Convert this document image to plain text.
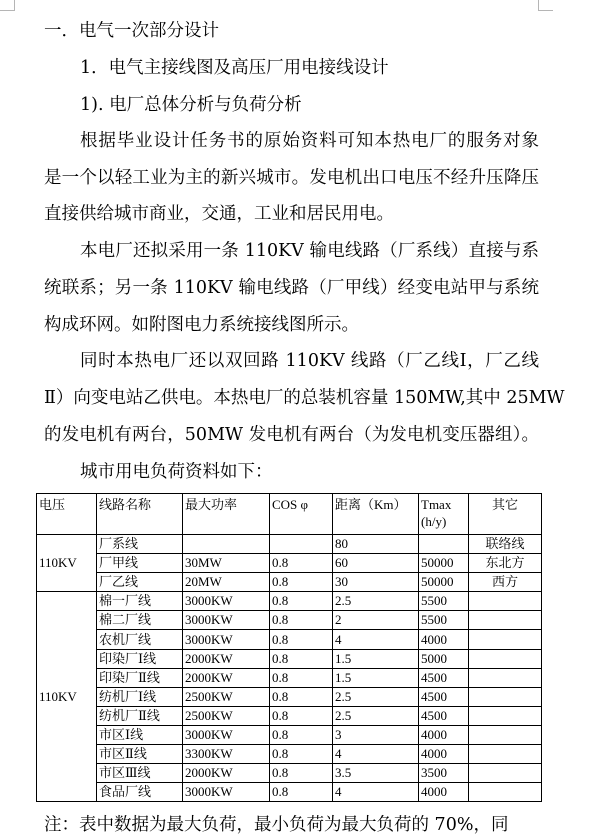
一．电气一次部分设计
1．电气主接线图及高压厂用电接线设计
1). 电厂总体分析与负荷分析
根据毕业设计任务书的原始资料可知本热电厂的服务对象
是一个以轻工业为主的新兴城市。发电机出口电压不经升压降压
直接供给城市商业，交通，工业和居民用电。
本电厂还拟采用一条 110KV 输电线路（厂系线）直接与系
统联系；另一条 110KV 输电线路（厂甲线）经变电站甲与系统
构成环网。如附图电力系统接线图所示。
同时本热电厂还以双回路 110KV 线路（厂乙线Ⅰ，厂乙线
Ⅱ）向变电站乙供电。本热电厂的总装机容量 150MW,其中 25MW
的发电机有两台，50MW 发电机有两台（为发电机变压器组）。
城市用电负荷资料如下：
电压	线路名称	最大功率	COS φ	距离（Km）	Tmax (h/y)	其它
110KV	厂系线			80		联络线
	厂甲线	30MW	0.8	60	50000	东北方
	厂乙线	20MW	0.8	30	50000	西方
110KV	棉一厂线	3000KW	0.8	2.5	5500	
	棉二厂线	3000KW	0.8	2	5500	
	农机厂线	3000KW	0.8	4	4000	
	印染厂Ⅰ线	2000KW	0.8	1.5	5000	
	印染厂Ⅱ线	2000KW	0.8	1.5	4500	
	纺机厂Ⅰ线	2500KW	0.8	2.5	4500	
	纺机厂Ⅱ线	2500KW	0.8	2.5	4500	
	市区Ⅰ线	3000KW	0.8	3	4000	
	市区Ⅱ线	3300KW	0.8	4	4000	
	市区Ⅲ线	2000KW	0.8	3.5	3500	
	食品厂线	3000KW	0.8	4	4000	
注：表中数据为最大负荷，最小负荷为最大负荷的 70%，同
